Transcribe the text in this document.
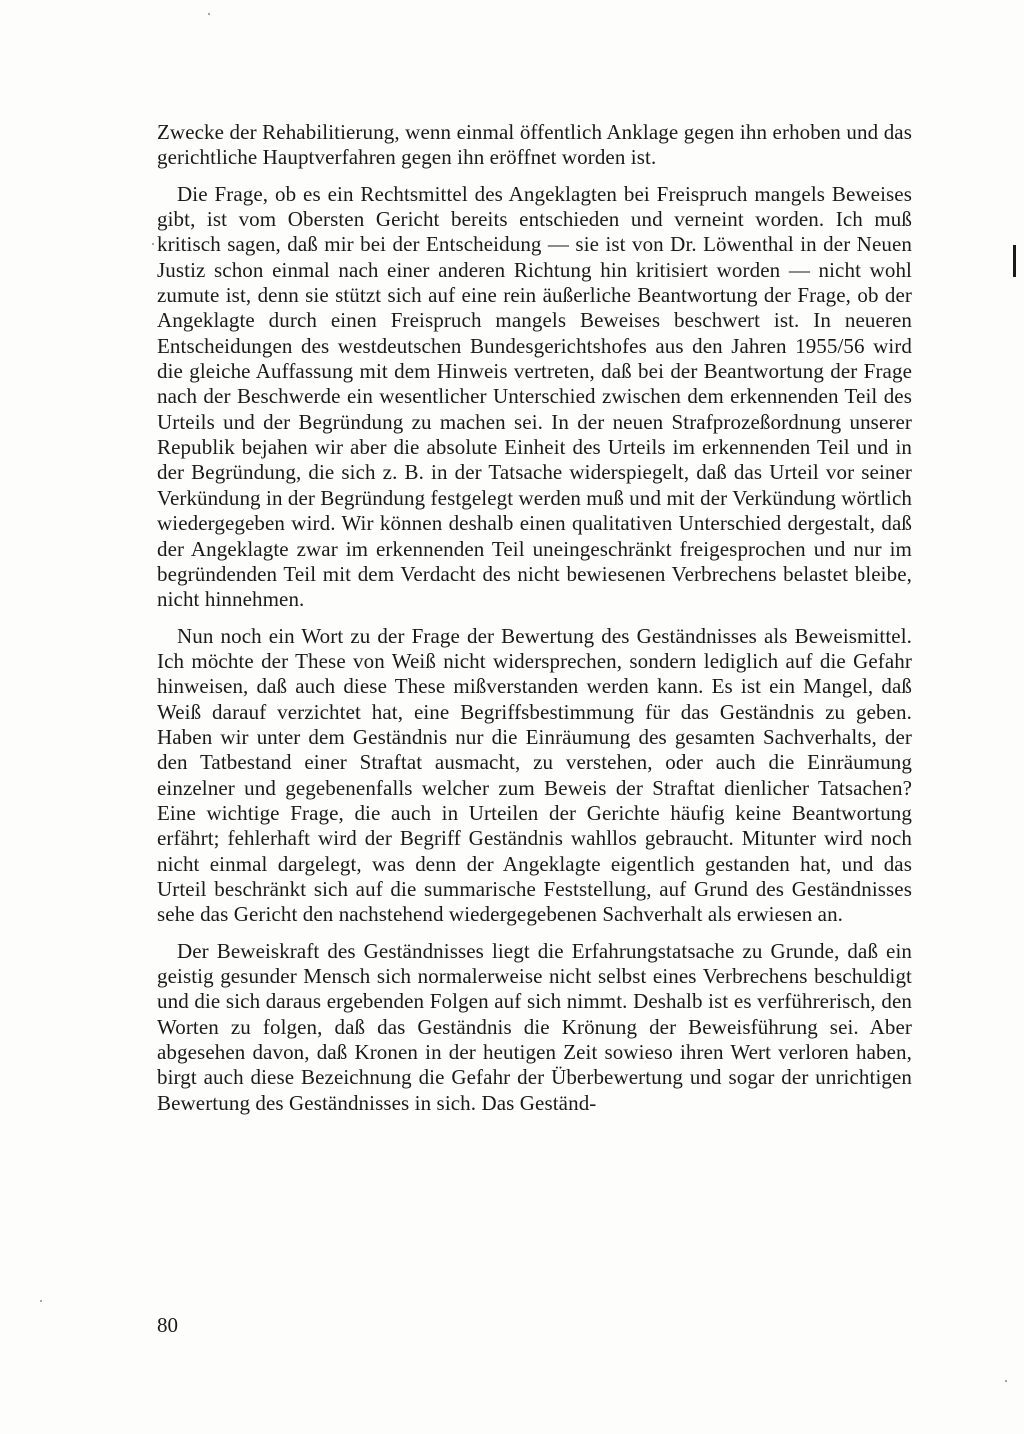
Zwecke der Rehabilitierung, wenn einmal öffentlich Anklage gegen ihn erhoben und das gerichtliche Hauptverfahren gegen ihn eröffnet worden ist.

Die Frage, ob es ein Rechtsmittel des Angeklagten bei Freispruch mangels Beweises gibt, ist vom Obersten Gericht bereits entschieden und verneint worden. Ich muß kritisch sagen, daß mir bei der Entscheidung — sie ist von Dr. Löwenthal in der Neuen Justiz schon einmal nach einer anderen Richtung hin kritisiert worden — nicht wohl zumute ist, denn sie stützt sich auf eine rein äußerliche Beantwortung der Frage, ob der Angeklagte durch einen Freispruch mangels Beweises beschwert ist. In neueren Entscheidungen des westdeutschen Bundesgerichtshofes aus den Jahren 1955/56 wird die gleiche Auffassung mit dem Hinweis vertreten, daß bei der Beantwortung der Frage nach der Beschwerde ein wesentlicher Unterschied zwischen dem erkennenden Teil des Urteils und der Begründung zu machen sei. In der neuen Strafprozeßordnung unserer Republik bejahen wir aber die absolute Einheit des Urteils im erkennenden Teil und in der Begründung, die sich z. B. in der Tatsache widerspiegelt, daß das Urteil vor seiner Verkündung in der Begründung festgelegt werden muß und mit der Verkündung wörtlich wiedergegeben wird. Wir können deshalb einen qualitativen Unterschied dergestalt, daß der Angeklagte zwar im erkennenden Teil uneingeschränkt freigesprochen und nur im begründenden Teil mit dem Verdacht des nicht bewiesenen Verbrechens belastet bleibe, nicht hinnehmen.

Nun noch ein Wort zu der Frage der Bewertung des Geständnisses als Beweismittel. Ich möchte der These von Weiß nicht widersprechen, sondern lediglich auf die Gefahr hinweisen, daß auch diese These mißverstanden werden kann. Es ist ein Mangel, daß Weiß darauf verzichtet hat, eine Begriffsbestimmung für das Geständnis zu geben. Haben wir unter dem Geständnis nur die Einräumung des gesamten Sachverhalts, der den Tatbestand einer Straftat ausmacht, zu verstehen, oder auch die Einräumung einzelner und gegebenenfalls welcher zum Beweis der Straftat dienlicher Tatsachen? Eine wichtige Frage, die auch in Urteilen der Gerichte häufig keine Beantwortung erfährt; fehlerhaft wird der Begriff Geständnis wahllos gebraucht. Mitunter wird noch nicht einmal dargelegt, was denn der Angeklagte eigentlich gestanden hat, und das Urteil beschränkt sich auf die summarische Feststellung, auf Grund des Geständnisses sehe das Gericht den nachstehend wiedergegebenen Sachverhalt als erwiesen an.

Der Beweiskraft des Geständnisses liegt die Erfahrungstatsache zu Grunde, daß ein geistig gesunder Mensch sich normalerweise nicht selbst eines Verbrechens beschuldigt und die sich daraus ergebenden Folgen auf sich nimmt. Deshalb ist es verführerisch, den Worten zu folgen, daß das Geständnis die Krönung der Beweisführung sei. Aber abgesehen davon, daß Kronen in der heutigen Zeit sowieso ihren Wert verloren haben, birgt auch diese Bezeichnung die Gefahr der Überbewertung und sogar der unrichtigen Bewertung des Geständnisses in sich. Das Geständ-

80
